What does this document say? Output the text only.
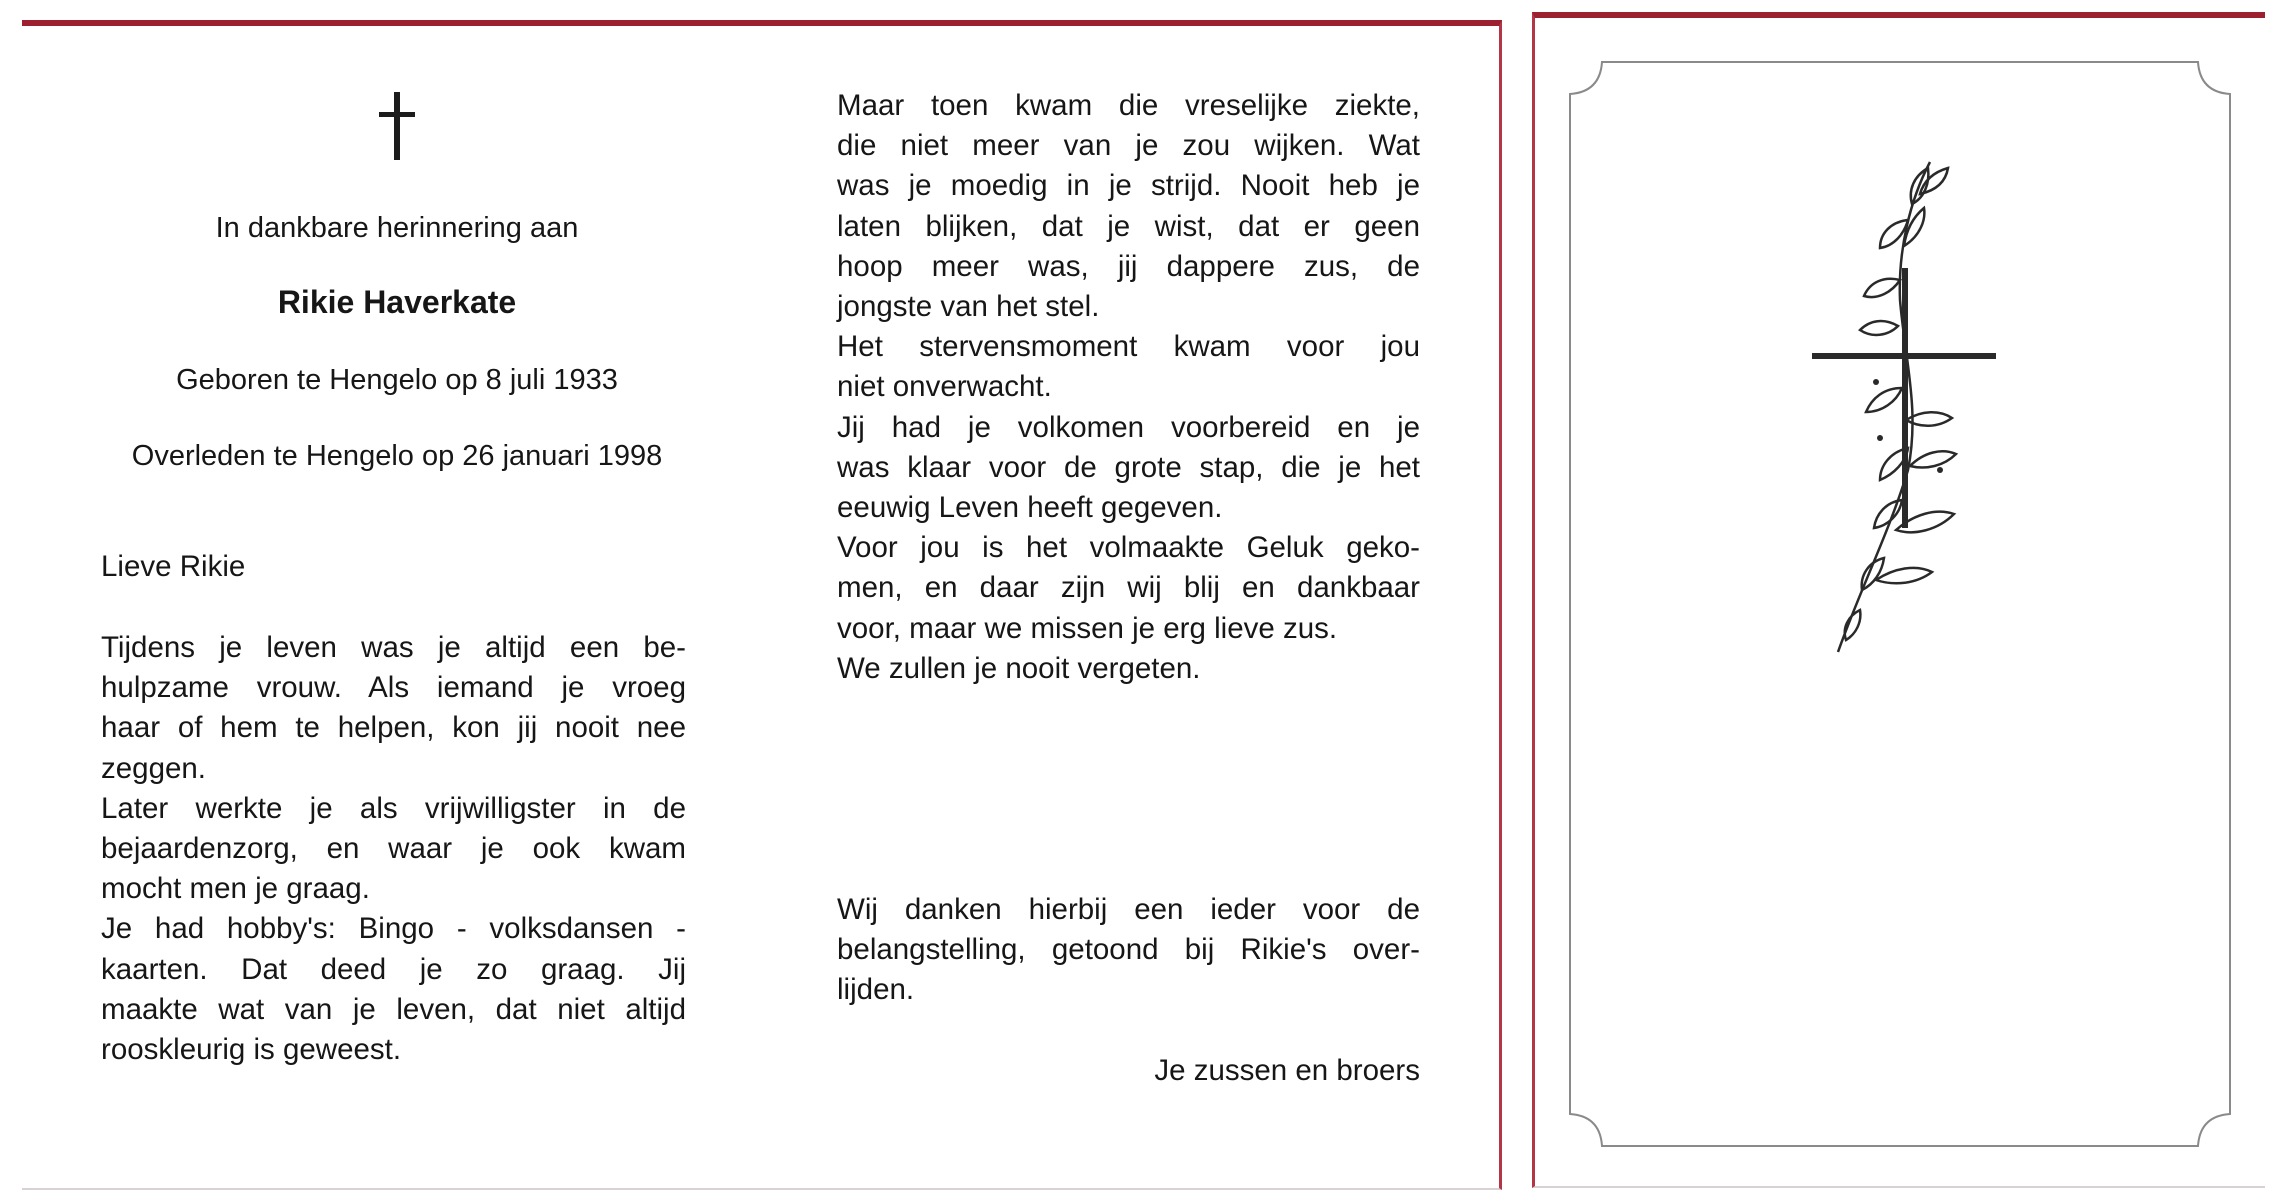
In dankbare herinnering aan
Rikie Haverkate
Geboren te Hengelo op 8 juli 1933
Overleden te Hengelo op 26 januari 1998
Lieve Rikie

Tijdens je leven was je altijd een be-

hulpzame vrouw. Als iemand je vroeg

haar of hem te helpen, kon jij nooit nee

zeggen.

Later werkte je als vrijwilligster in de

bejaardenzorg, en waar je ook kwam

mocht men je graag.

Je had hobby's: Bingo - volksdansen -

kaarten. Dat deed je zo graag. Jij

maakte wat van je leven, dat niet altijd

rooskleurig is geweest.

Maar toen kwam die vreselijke ziekte,

die niet meer van je zou wijken. Wat

was je moedig in je strijd. Nooit heb je

laten blijken, dat je wist, dat er geen

hoop meer was, jij dappere zus, de

jongste van het stel.

Het stervensmoment kwam voor jou

niet onverwacht.

Jij had je volkomen voorbereid en je

was klaar voor de grote stap, die je het

eeuwig Leven heeft gegeven.

Voor jou is het volmaakte Geluk geko-

men, en daar zijn wij blij en dankbaar

voor, maar we missen je erg lieve zus.

We zullen je nooit vergeten.

Wij danken hierbij een ieder voor de

belangstelling, getoond bij Rikie's over-

lijden.

Je zussen en broers
